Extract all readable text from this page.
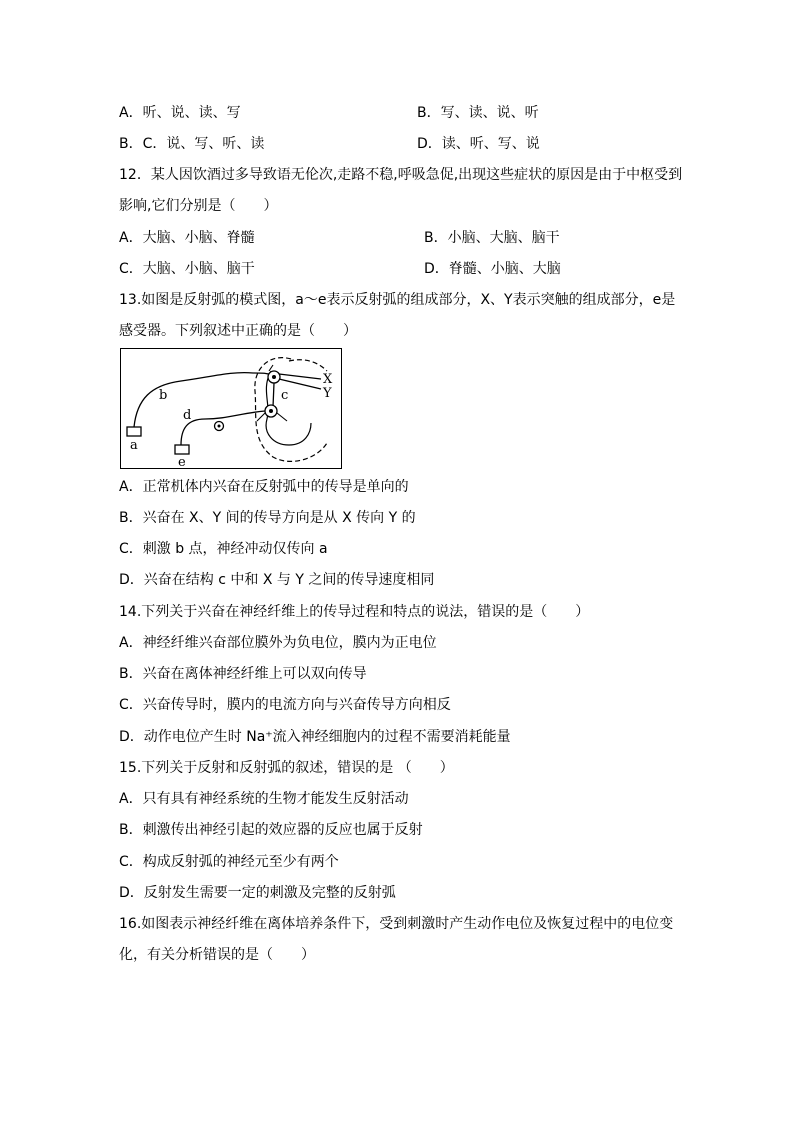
A．听、说、读、写	B．写、读、说、听
B．C．说、写、听、读	D．读、听、写、说
12．某人因饮酒过多导致语无伦次,走路不稳,呼吸急促,出现这些症状的原因是由于中枢受到
影响,它们分别是（　　）
A．大脑、小脑、脊髓	B．小脑、大脑、脑干
C．大脑、小脑、脑干	D．脊髓、小脑、大脑
13.如图是反射弧的模式图，a～e表示反射弧的组成部分，X、Y表示突触的组成部分，e是
感受器。下列叙述中正确的是（　　）
a
b	c
d
e
X
Y
A．正常机体内兴奋在反射弧中的传导是单向的
B．兴奋在 X、Y 间的传导方向是从 X 传向 Y 的
C．刺激 b 点，神经冲动仅传向 a
D．兴奋在结构 c 中和 X 与 Y 之间的传导速度相同
14.下列关于兴奋在神经纤维上的传导过程和特点的说法，错误的是（　　）
A．神经纤维兴奋部位膜外为负电位，膜内为正电位
B．兴奋在离体神经纤维上可以双向传导
C．兴奋传导时，膜内的电流方向与兴奋传导方向相反
D．动作电位产生时 Na⁺流入神经细胞内的过程不需要消耗能量
15.下列关于反射和反射弧的叙述，错误的是 （　　）
A．只有具有神经系统的生物才能发生反射活动
B．刺激传出神经引起的效应器的反应也属于反射
C．构成反射弧的神经元至少有两个
D．反射发生需要一定的刺激及完整的反射弧
16.如图表示神经纤维在离体培养条件下，受到刺激时产生动作电位及恢复过程中的电位变
化，有关分析错误的是（　　）
